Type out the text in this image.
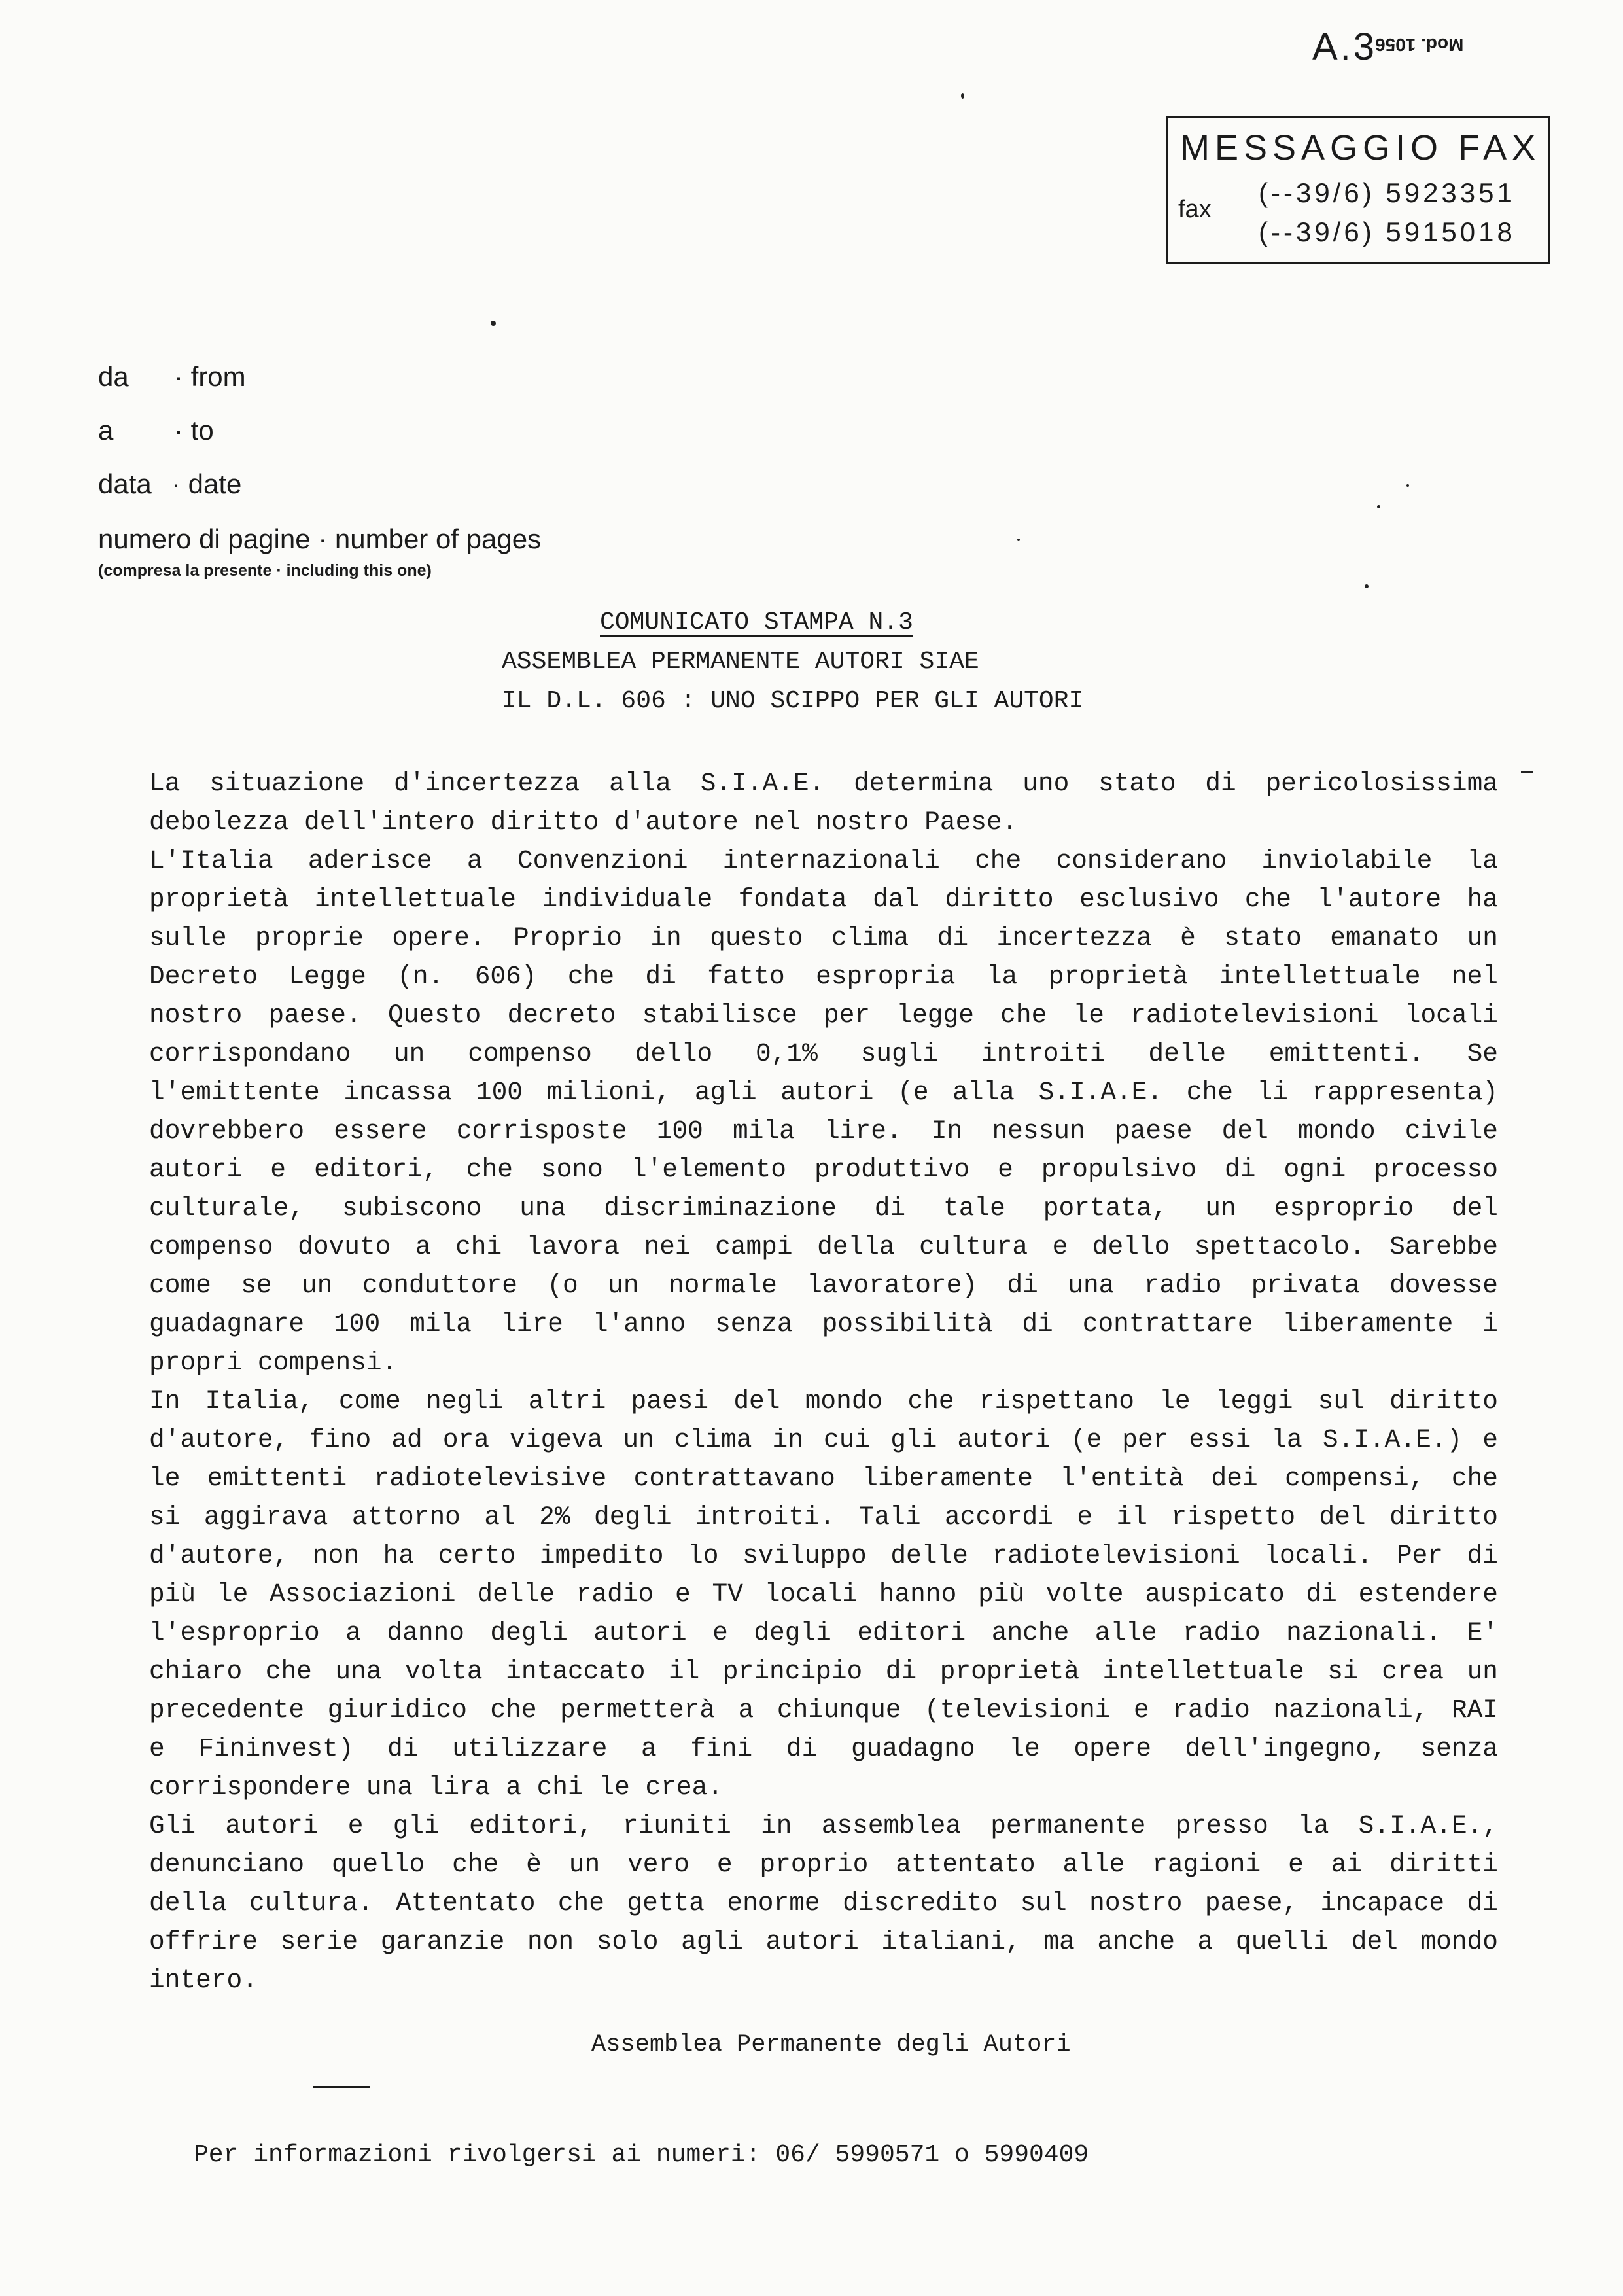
A.3
Mod. 1056
MESSAGGIO FAX
fax
(--39/6) 5923351
(--39/6) 5915018
da · from
a · to
data · date
numero di pagine · number of pages
(compresa la presente · including this one)
COMUNICATO STAMPA N.3
ASSEMBLEA PERMANENTE AUTORI SIAE
IL D.L. 606 : UNO SCIPPO PER GLI AUTORI
La situazione d'incertezza alla S.I.A.E. determina uno stato di pericolosissima
debolezza dell'intero diritto d'autore nel nostro Paese.
L'Italia aderisce a Convenzioni internazionali che considerano inviolabile la
proprietà intellettuale individuale fondata dal diritto esclusivo che l'autore ha
sulle proprie opere. Proprio in questo clima di incertezza è stato emanato un
Decreto Legge (n. 606) che di fatto espropria la proprietà intellettuale nel
nostro paese. Questo decreto stabilisce per legge che le radiotelevisioni locali
corrispondano un compenso dello 0,1% sugli introiti delle emittenti. Se
l'emittente incassa 100 milioni, agli autori (e alla S.I.A.E. che li rappresenta)
dovrebbero essere corrisposte 100 mila lire. In nessun paese del mondo civile
autori e editori, che sono l'elemento produttivo e propulsivo di ogni processo
culturale, subiscono una discriminazione di tale portata, un esproprio del
compenso dovuto a chi lavora nei campi della cultura e dello spettacolo. Sarebbe
come se un conduttore (o un normale lavoratore) di una radio privata dovesse
guadagnare 100 mila lire l'anno senza possibilità di contrattare liberamente i
propri compensi.
In Italia, come negli altri paesi del mondo che rispettano le leggi sul diritto
d'autore, fino ad ora vigeva un clima in cui gli autori (e per essi la S.I.A.E.) e
le emittenti radiotelevisive contrattavano liberamente l'entità dei compensi, che
si aggirava attorno al 2% degli introiti. Tali accordi e il rispetto del diritto
d'autore, non ha certo impedito lo sviluppo delle radiotelevisioni locali. Per di
più le Associazioni delle radio e TV locali hanno più volte auspicato di estendere
l'esproprio a danno degli autori e degli editori anche alle radio nazionali. E'
chiaro che una volta intaccato il principio di proprietà intellettuale si crea un
precedente giuridico che permetterà a chiunque (televisioni e radio nazionali, RAI
e Fininvest) di utilizzare a fini di guadagno le opere dell'ingegno, senza
corrispondere una lira a chi le crea.
Gli autori e gli editori, riuniti in assemblea permanente presso la S.I.A.E.,
denunciano quello che è un vero e proprio attentato alle ragioni e ai diritti
della cultura. Attentato che getta enorme discredito sul nostro paese, incapace di
offrire serie garanzie non solo agli autori italiani, ma anche a quelli del mondo
intero.
Assemblea Permanente degli Autori
Per informazioni rivolgersi ai numeri: 06/ 5990571 o 5990409
